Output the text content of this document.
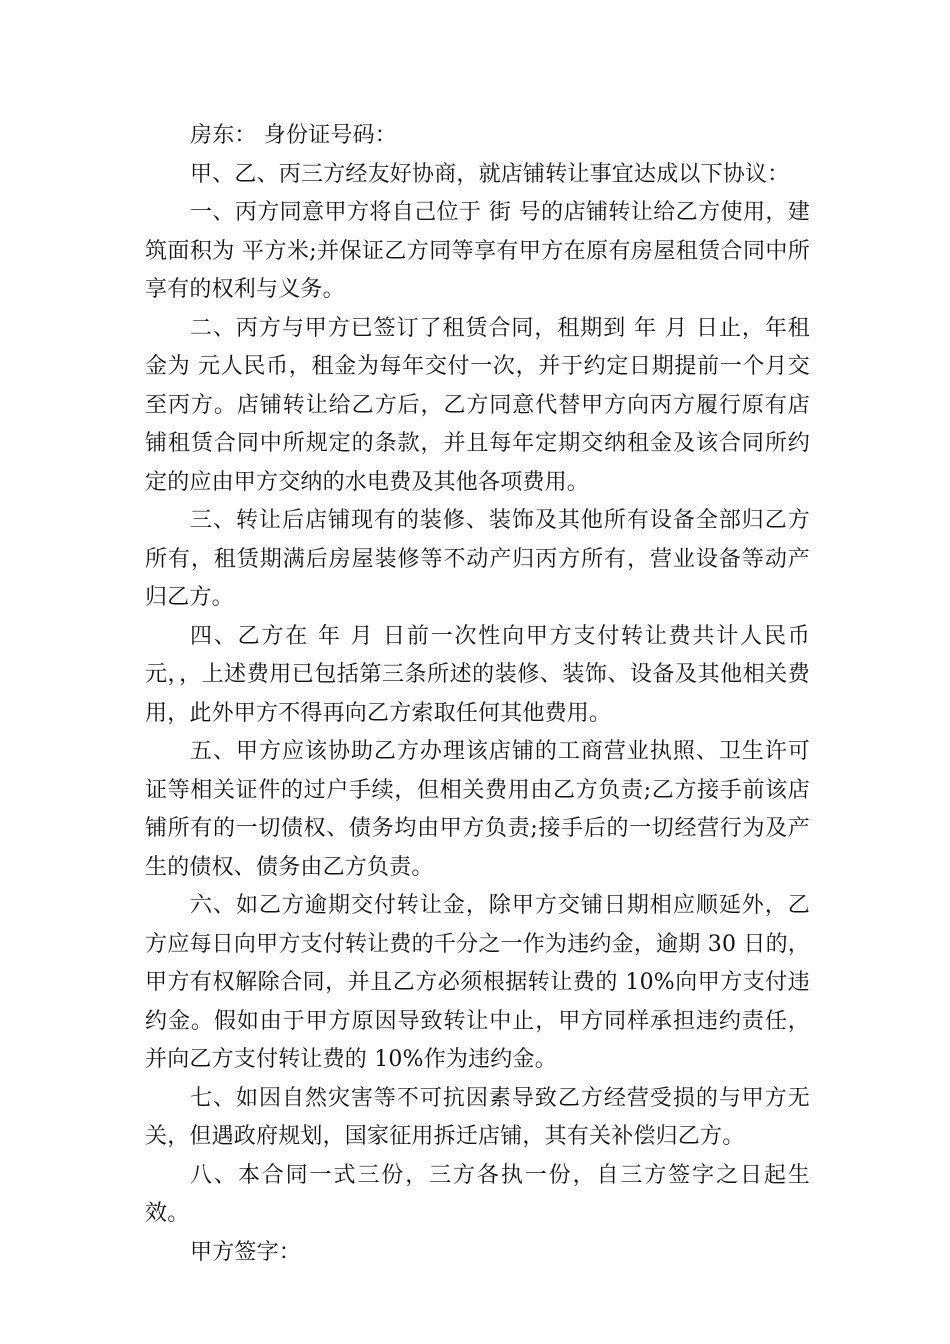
房东： 身份证号码：

甲、乙、丙三方经友好协商，就店铺转让事宜达成以下协议：

一、丙方同意甲方将自己位于 街 号的店铺转让给乙方使用，建筑面积为 平方米;并保证乙方同等享有甲方在原有房屋租赁合同中所享有的权利与义务。

二、丙方与甲方已签订了租赁合同，租期到 年 月 日止，年租金为 元人民币，租金为每年交付一次，并于约定日期提前一个月交至丙方。店铺转让给乙方后，乙方同意代替甲方向丙方履行原有店铺租赁合同中所规定的条款，并且每年定期交纳租金及该合同所约定的应由甲方交纳的水电费及其他各项费用。

三、转让后店铺现有的装修、装饰及其他所有设备全部归乙方所有，租赁期满后房屋装修等不动产归丙方所有，营业设备等动产归乙方。

四、乙方在 年 月 日前一次性向甲方支付转让费共计人民币 元，，上述费用已包括第三条所述的装修、装饰、设备及其他相关费用，此外甲方不得再向乙方索取任何其他费用。

五、甲方应该协助乙方办理该店铺的工商营业执照、卫生许可证等相关证件的过户手续，但相关费用由乙方负责;乙方接手前该店铺所有的一切债权、债务均由甲方负责;接手后的一切经营行为及产生的债权、债务由乙方负责。

六、如乙方逾期交付转让金，除甲方交铺日期相应顺延外，乙方应每日向甲方支付转让费的千分之一作为违约金，逾期 30 日的，甲方有权解除合同，并且乙方必须根据转让费的 10%向甲方支付违约金。假如由于甲方原因导致转让中止，甲方同样承担违约责任，并向乙方支付转让费的 10%作为违约金。

七、如因自然灾害等不可抗因素导致乙方经营受损的与甲方无关，但遇政府规划，国家征用拆迁店铺，其有关补偿归乙方。

八、本合同一式三份，三方各执一份，自三方签字之日起生效。

甲方签字：
